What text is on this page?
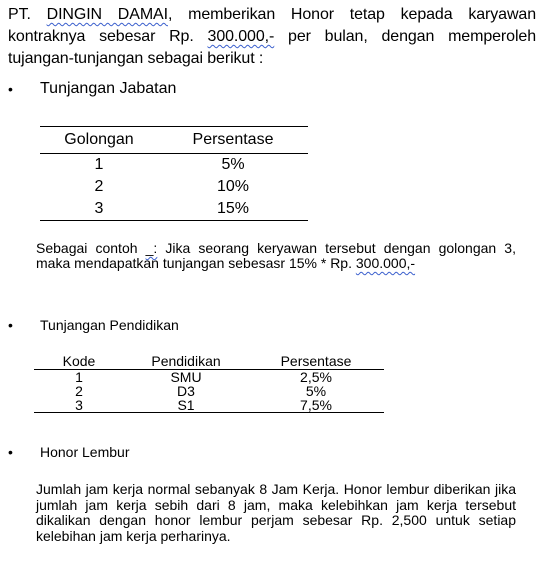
PT. DINGIN DAMAI, memberikan Honor tetap kepada karyawan kontraknya sebesar Rp. 300.000,- per bulan, dengan memperoleh tujangan-tunjangan sebagai berikut :
• Tunjangan Jabatan
Golongan	Persentase
1	5%
2	10%
3	15%
Sebagai contoh _: Jika seorang keryawan tersebut dengan golongan 3, maka mendapatkan tunjangan sebesasr 15% * Rp. 300.000,-
• Tunjangan Pendidikan
Kode	Pendidikan	Persentase
1	SMU	2,5%
2	D3	5%
3	S1	7,5%
• Honor Lembur
Jumlah jam kerja normal sebanyak 8 Jam Kerja. Honor lembur diberikan jika jumlah jam kerja sebih dari 8 jam, maka kelebihkan jam kerja tersebut dikalikan dengan honor lembur perjam sebesar Rp. 2,500 untuk setiap kelebihan jam kerja perharinya.
